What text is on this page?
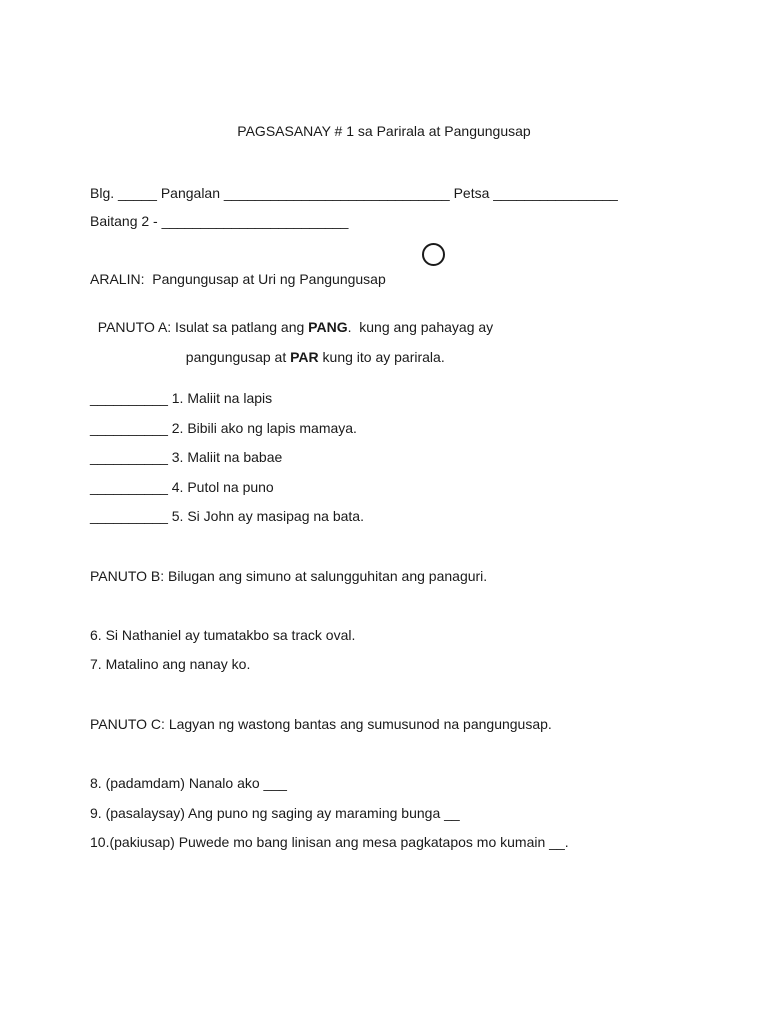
PAGSASANAY # 1 sa Parirala at Pangungusap
Blg. _____ Pangalan _____________________________ Petsa ________________
Baitang 2 - ________________________
ARALIN:  Pangungusap at Uri ng Pangungusap

PANUTO A: Isulat sa patlang ang PANG.  kung ang pahayag ay

pangungusap at PAR kung ito ay parirala.

__________ 1. Maliit na lapis
__________ 2. Bibili ako ng lapis mamaya.
__________ 3. Maliit na babae
__________ 4. Putol na puno
__________ 5. Si John ay masipag na bata.
PANUTO B: Bilugan ang simuno at salungguhitan ang panaguri.
6. Si Nathaniel ay tumatakbo sa track oval.
7. Matalino ang nanay ko.
PANUTO C: Lagyan ng wastong bantas ang sumusunod na pangungusap.
8. (padamdam) Nanalo ako ___
9. (pasalaysay) Ang puno ng saging ay maraming bunga __
10.(pakiusap) Puwede mo bang linisan ang mesa pagkatapos mo kumain __.
